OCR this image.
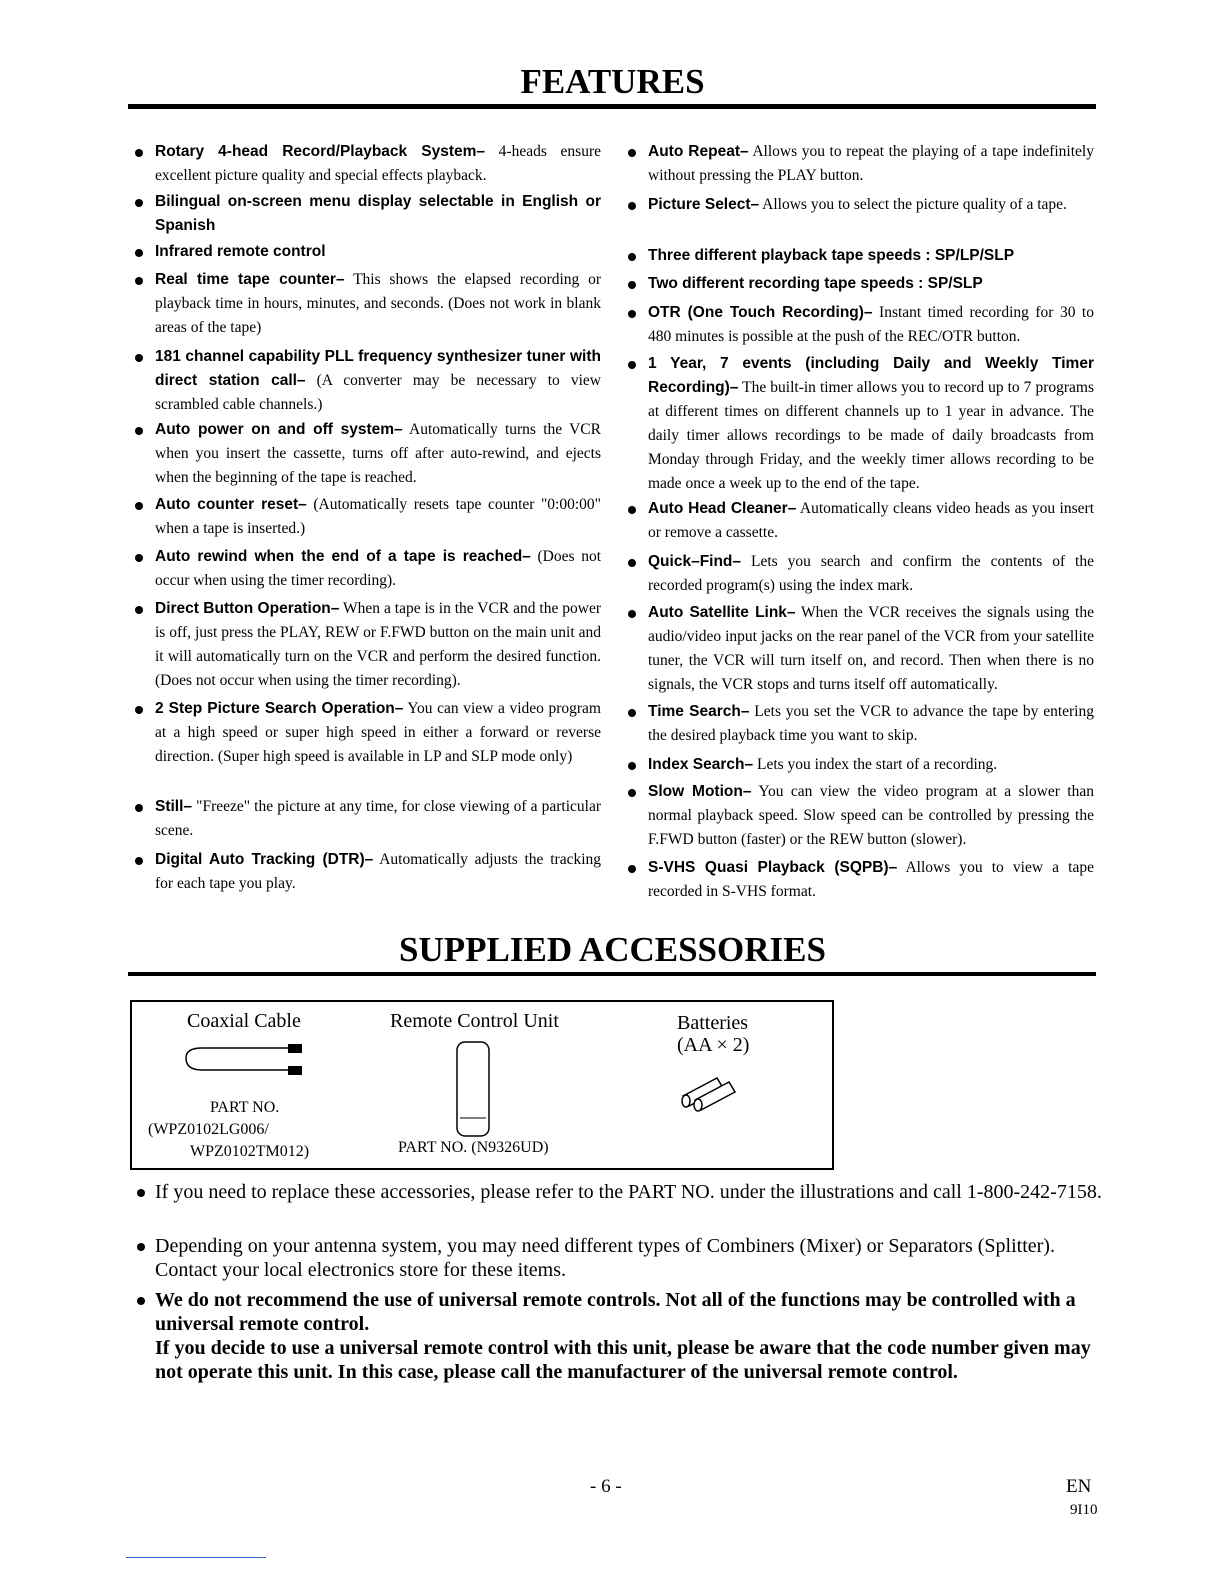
FEATURES
Rotary 4-head Record/Playback System– 4-heads ensure excellent picture quality and special effects playback.
Bilingual on-screen menu display selectable in English or Spanish
Infrared remote control
Real time tape counter– This shows the elapsed recording or playback time in hours, minutes, and seconds. (Does not work in blank areas of the tape)
181 channel capability PLL frequency synthesizer tuner with direct station call– (A converter may be necessary to view scrambled cable channels.)
Auto power on and off system– Automatically turns the VCR when you insert the cassette, turns off after auto-rewind, and ejects when the beginning of the tape is reached.
Auto counter reset– (Automatically resets tape counter "0:00:00" when a tape is inserted.)
Auto rewind when the end of a tape is reached– (Does not occur when using the timer recording).
Direct Button Operation– When a tape is in the VCR and the power is off, just press the PLAY, REW or F.FWD button on the main unit and it will automatically turn on the VCR and perform the desired function. (Does not occur when using the timer recording).
2 Step Picture Search Operation– You can view a video program at a high speed or super high speed in either a forward or reverse direction. (Super high speed is available in LP and SLP mode only)
Still– "Freeze" the picture at any time, for close viewing of a particular scene.
Digital Auto Tracking (DTR)– Automatically adjusts the tracking for each tape you play.
Auto Repeat– Allows you to repeat the playing of a tape indefinitely without pressing the PLAY button.
Picture Select– Allows you to select the picture quality of a tape.
Three different playback tape speeds : SP/LP/SLP
Two different recording tape speeds : SP/SLP
OTR (One Touch Recording)– Instant timed recording for 30 to 480 minutes is possible at the push of the REC/OTR button.
1 Year, 7 events (including Daily and Weekly Timer Recording)– The built-in timer allows you to record up to 7 programs at different times on different channels up to 1 year in advance. The daily timer allows recordings to be made of daily broadcasts from Monday through Friday, and the weekly timer allows recording to be made once a week up to the end of the tape.
Auto Head Cleaner– Automatically cleans video heads as you insert or remove a cassette.
Quick–Find– Lets you search and confirm the contents of the recorded program(s) using the index mark.
Auto Satellite Link– When the VCR receives the signals using the audio/video input jacks on the rear panel of the VCR from your satellite tuner, the VCR will turn itself on, and record. Then when there is no signals, the VCR stops and turns itself off automatically.
Time Search– Lets you set the VCR to advance the tape by entering the desired playback time you want to skip.
Index Search– Lets you index the start of a recording.
Slow Motion– You can view the video program at a slower than normal playback speed. Slow speed can be controlled by pressing the F.FWD button (faster) or the REW button (slower).
S-VHS Quasi Playback (SQPB)– Allows you to view a tape recorded in S-VHS format.
SUPPLIED ACCESSORIES
Coaxial Cable
PART NO.
(WPZ0102LG006/
WPZ0102TM012)
Remote Control Unit
PART NO. (N9326UD)
Batteries
(AA × 2)
If you need to replace these accessories, please refer to the PART NO. under the illustrations and call 1-800-242-7158.
Depending on your antenna system, you may need different types of Combiners (Mixer) or Separators (Splitter). Contact your local electronics store for these items.
We do not recommend the use of universal remote controls. Not all of the functions may be controlled with a universal remote control.
If you decide to use a universal remote control with this unit, please be aware that the code number given may not operate this unit. In this case, please call the manufacturer of the universal remote control.
- 6 -	EN
9I10
